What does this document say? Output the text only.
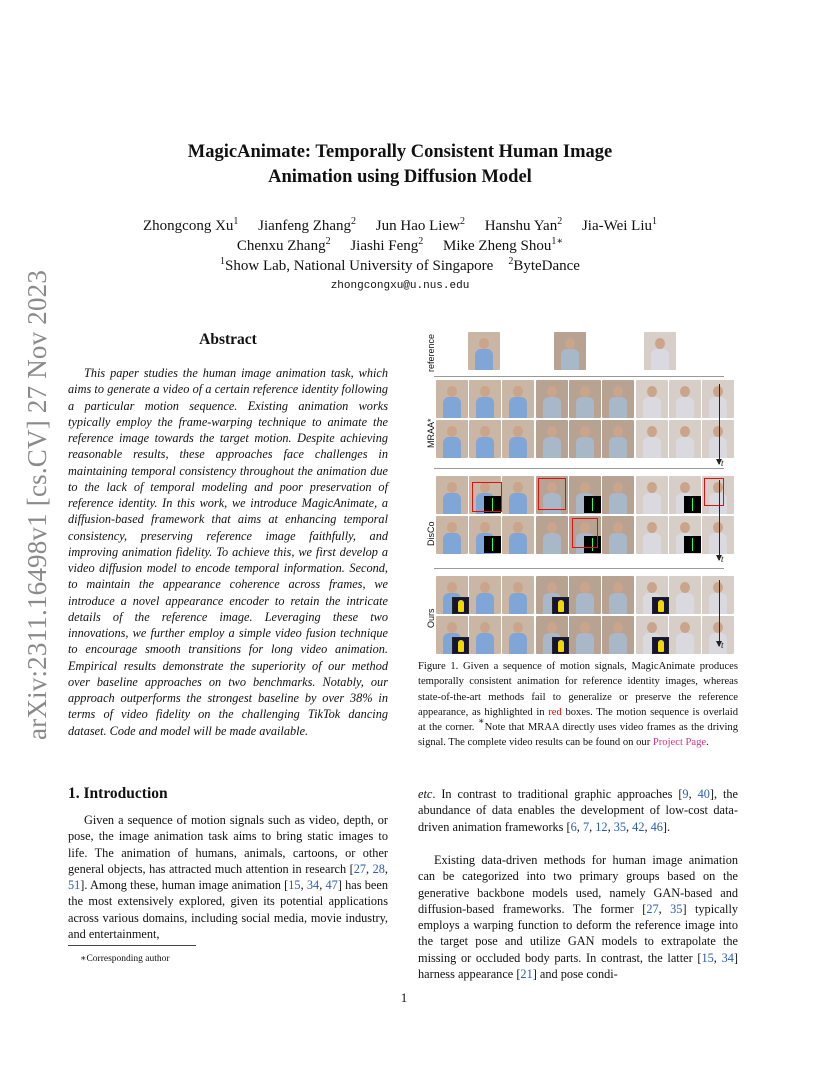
arXiv:2311.16498v1 [cs.CV] 27 Nov 2023
MagicAnimate: Temporally Consistent Human Image
Animation using Diffusion Model
Zhongcong Xu$^1$ Jianfeng Zhang$^2$ Jun Hao Liew$^2$ Hanshu Yan$^2$ Jia-Wei Liu$^1$
Chenxu Zhang$^2$ Jiashi Feng$^2$ Mike Zheng Shou$^{1∗}$
$^1$Show Lab, National University of Singapore $^2$ByteDance
zhongcongxu@u.nus.edu
Abstract
This paper studies the human image animation task, which aims to generate a video of a certain reference identity following a particular motion sequence. Existing animation works typically employ the frame-warping technique to animate the reference image towards the target motion. Despite achieving reasonable results, these approaches face challenges in maintaining temporal consistency throughout the animation due to the lack of temporal modeling and poor preservation of reference identity. In this work, we introduce MagicAnimate, a diffusion-based framework that aims at enhancing temporal consistency, preserving reference image faithfully, and improving animation fidelity. To achieve this, we first develop a video diffusion model to encode temporal information. Second, to maintain the appearance coherence across frames, we introduce a novel appearance encoder to retain the intricate details of the reference image. Leveraging these two innovations, we further employ a simple video fusion technique to encourage smooth transitions for long video animation. Empirical results demonstrate the superiority of our method over baseline approaches on two benchmarks. Notably, our approach outperforms the strongest baseline by over 38% in terms of video fidelity on the challenging TikTok dancing dataset. Code and model will be made available.
1. Introduction
Given a sequence of motion signals such as video, depth, or pose, the image animation task aims to bring static images to life. The animation of humans, animals, cartoons, or other general objects, has attracted much attention in research [27, 28, 51]. Among these, human image animation [15, 34, 47] has been the most extensively explored, given its potential applications across various domains, including social media, movie industry, and entertainment,
∗Corresponding author
etc. In contrast to traditional graphic approaches [9, 40], the abundance of data enables the development of low-cost data-driven animation frameworks [6, 7, 12, 35, 42, 46].
Existing data-driven methods for human image animation can be categorized into two primary groups based on the generative backbone models used, namely GAN-based and diffusion-based frameworks. The former [27, 35] typically employs a warping function to deform the reference image into the target pose and utilize GAN models to extrapolate the missing or occluded body parts. In contrast, the latter [15, 34] harness appearance [21] and pose condi-
reference
MRAA*
DisCo
Ours
t
t
t
Figure 1. Given a sequence of motion signals, MagicAnimate produces temporally consistent animation for reference identity images, whereas state-of-the-art methods fail to generalize or preserve the reference appearance, as highlighted in red boxes. The motion sequence is overlaid at the corner. ∗Note that MRAA directly uses video frames as the driving signal. The complete video results can be found on our Project Page.
1
